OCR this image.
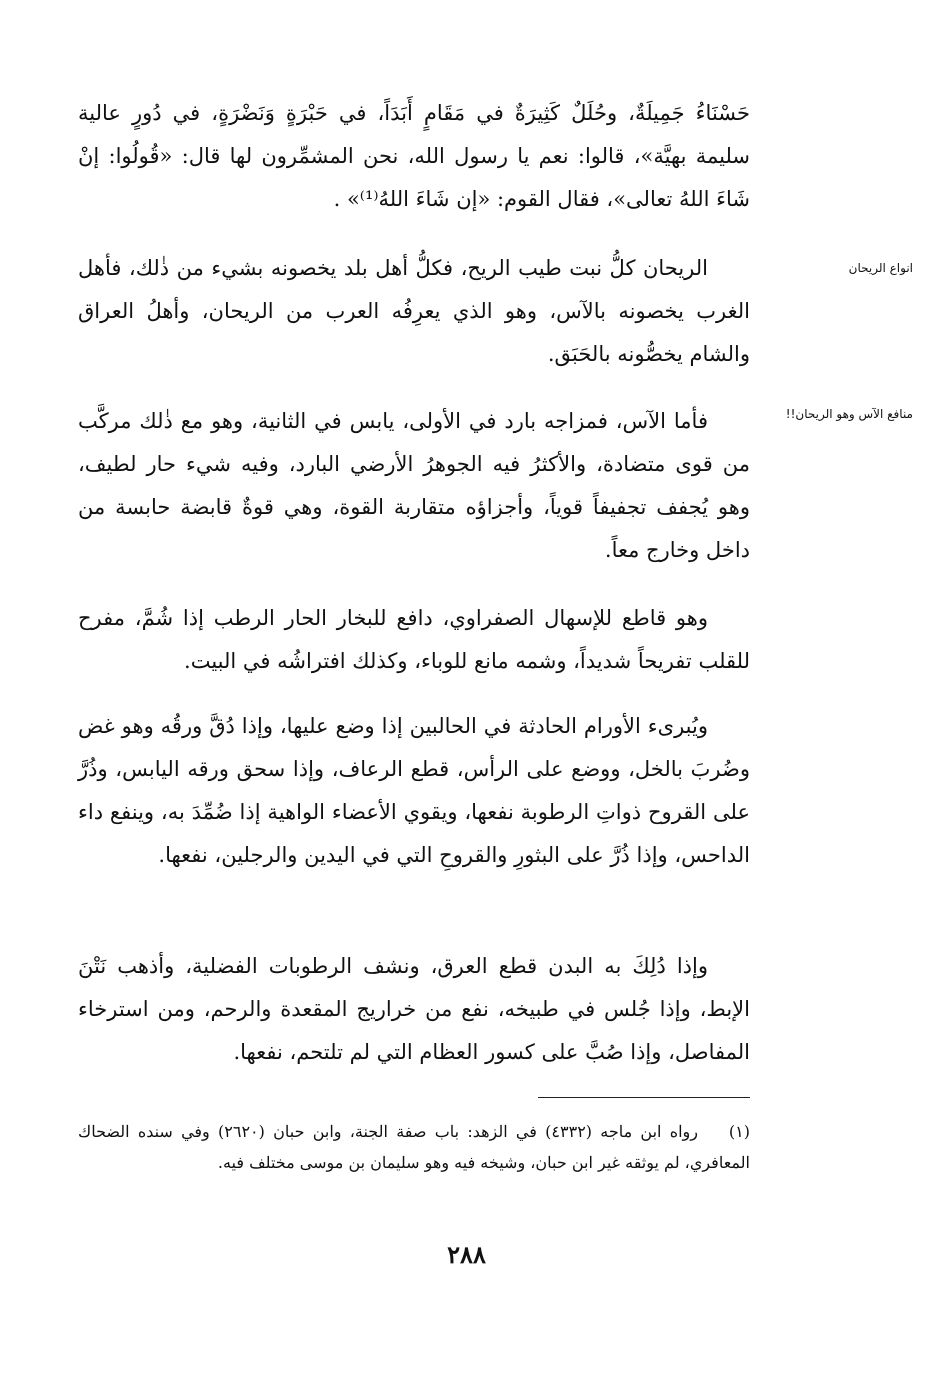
حَسْنَاءُ جَمِيلَةٌ، وحُلَلٌ كَثِيرَةٌ في مَقَامٍ أَبَدَاً، في حَبْرَةٍ وَنَضْرَةٍ، في دُورٍ عالية سليمة بهيَّة»، قالوا: نعم يا رسول الله، نحن المشمِّرون لها قال: «قُولُوا: إنْ شَاءَ اللهُ تعالى»، فقال القوم: «إن شَاءَ اللهُ⁽¹⁾» .

انواع الريحان

الريحان كلُّ نبت طيب الريح، فكلُّ أهل بلد يخصونه بشيء من ذٰلك، فأهل الغرب يخصونه بالآس، وهو الذي يعرِفُه العرب من الريحان، وأهلُ العراق والشام يخصُّونه بالحَبَق.

منافع الآس وهو الريحان!!

فأما الآس، فمزاجه بارد في الأولى، يابس في الثانية، وهو مع ذٰلك مركَّب من قوى متضادة، والأكثرُ فيه الجوهرُ الأرضي البارد، وفيه شيء حار لطيف، وهو يُجفف تجفيفاً قوياً، وأجزاؤه متقاربة القوة، وهي قوةٌ قابضة حابسة من داخل وخارج معاً.

وهو قاطع للإسهال الصفراوي، دافع للبخار الحار الرطب إذا شُمَّ، مفرح للقلب تفريحاً شديداً، وشمه مانع للوباء، وكذلك افتراشُه في البيت.

ويُبرىء الأورام الحادثة في الحالبين إذا وضع عليها، وإذا دُقَّ ورقُه وهو غض وضُربَ بالخل، ووضع على الرأس، قطع الرعاف، وإذا سحق ورقه اليابس، وذُرَّ على القروح ذواتِ الرطوبة نفعها، ويقوي الأعضاء الواهية إذا ضُمِّدَ به، وينفع داء الداحس، وإذا ذُرَّ على البثورِ والقروحِ التي في اليدين والرجلين، نفعها.

وإذا دُلِكَ به البدن قطع العرق، ونشف الرطوبات الفضلية، وأذهب نَتْنَ الإبط، وإذا جُلس في طبيخه، نفع من خراريج المقعدة والرحم، ومن استرخاء المفاصل، وإذا صُبَّ على كسور العظام التي لم تلتحم، نفعها.

(١)رواه ابن ماجه (٤٣٣٢) في الزهد: باب صفة الجنة، وابن حبان (٢٦٢٠) وفي سنده الضحاك المعافري، لم يوثقه غير ابن حبان، وشيخه فيه وهو سليمان بن موسى مختلف فيه.

٢٨٨
